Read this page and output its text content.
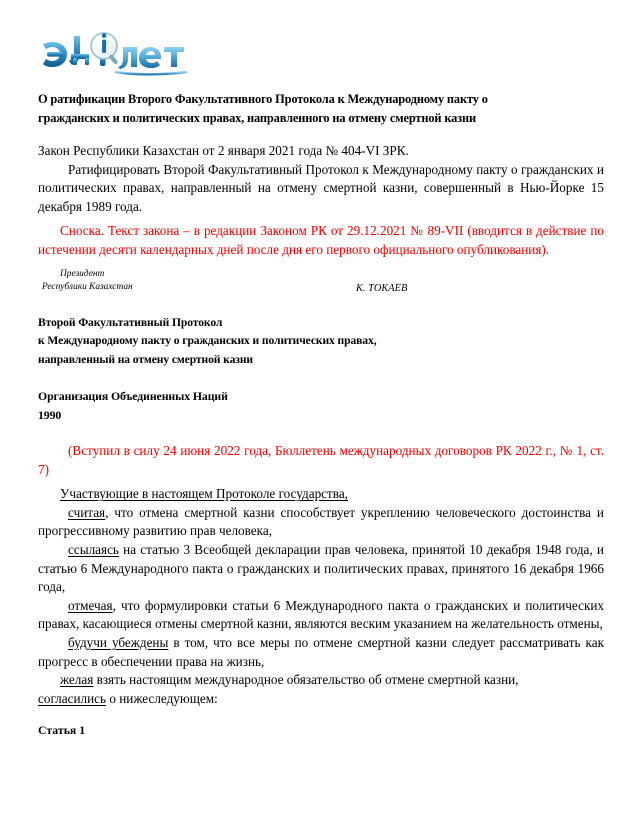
О ратификации Второго Факультативного Протокола к Международному пакту о
гражданских и политических правах, направленного на отмену смертной казни

Закон Республики Казахстан от 2 января 2021 года № 404-VI ЗРК.

Ратифицировать Второй Факультативный Протокол к Международному пакту о гражданских и политических правах, направленный на отмену смертной казни, совершенный в Нью-Йорке 15 декабря 1989 года.

Сноска. Текст закона – в редакции Законом РК от 29.12.2021 № 89-VII (вводится в действие по истечении десяти календарных дней после дня его первого официального опубликования).

Президент
Республики Казахстан	К. ТОКАЕВ
Второй Факультативный Протокол
к Международному пакту о гражданских и политических правах,
направленный на отмену смертной казни
Организация Объединенных Наций
1990

(Вступил в силу 24 июня 2022 года, Бюллетень международных договоров РК 2022 г., № 1, ст. 7)

Участвующие в настоящем Протоколе государства,

считая, что отмена смертной казни способствует укреплению человеческого достоинства и прогрессивному развитию прав человека,

ссылаясь на статью 3 Всеобщей декларации прав человека, принятой 10 декабря 1948 года, и статью 6 Международного пакта о гражданских и политических правах, принятого 16 декабря 1966 года,

отмечая, что формулировки статьи 6 Международного пакта о гражданских и политических правах, касающиеся отмены смертной казни, являются веским указанием на желательность отмены,

будучи убеждены в том, что все меры по отмене смертной казни следует рассматривать как прогресс в обеспечении права на жизнь,

желая взять настоящим международное обязательство об отмене смертной казни,

согласились о нижеследующем:

Статья 1
